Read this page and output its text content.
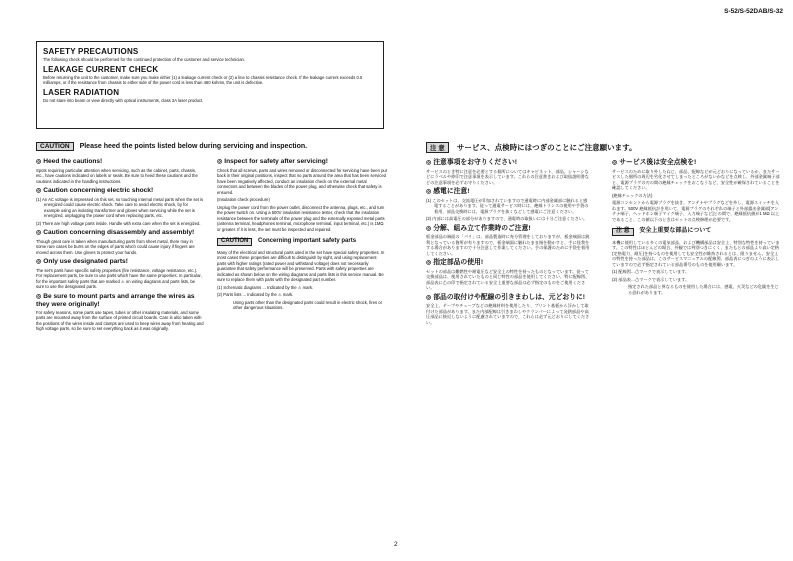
S-52/S-52DAB/S-32
SAFETY PRECAUTIONS

The following check should be performed for the continued protection of the customer and service technician.

LEAKAGE CURRENT CHECK

Before returning the unit to the customer, make sure you make either (1) a leakage current check or (2) a line to chassis resistance check. If the leakage current exceeds 0.5 milliamps, or if the resistance from chassis to either side of the power cord is less than 460 kohms, the unit is defective.

LASER RADIATION

Do not stare into beam or view directly with optical instruments, class 3A laser product.

CAUTION Please heed the points listed below during servicing and inspection.
◎ Heed the cautions!

Spots requiring particular attention when servicing, such as the cabinet, parts, chassis, etc., have cautions indicated on labels or seals. Be sure to heed these cautions and the cautions indicated in the handling instructions.

◎ Caution concerning electric shock!

(1) An AC voltage is impressed on this set, so touching internal metal parts when the set is energized could cause electric shock. Take care to avoid electric shock, by for example using an isolating transformer and gloves when servicing while the set is energized, unplugging the power cord when replacing parts, etc.

(2) There are high voltage parts inside. Handle with extra care when the set is energized.

◎ Caution concerning disassembly and assembly!

Though great care is taken when manufacturing parts from sheet metal, there may in some rare cases be burrs on the edges of parts which could cause injury if fingers are moved across them. Use gloves to protect your hands.

◎ Only use designated parts!

The set's parts have specific safety properties (fire resistance, voltage resistance, etc.). For replacement parts, be sure to use parts which have the same properties. In particular, for the important safety parts that are marked ⚠ on wiring diagrams and parts lists, be sure to use the designated parts.

◎ Be sure to mount parts and arrange the wires as they were originally!

For safety reasons, some parts use tapes, tubes or other insulating materials, and some parts are mounted away from the surface of printed circuit boards. Care is also taken with the positions of the wires inside and clamps are used to keep wires away from heating and high voltage parts, so be sure to set everything back as it was originally.

◎ Inspect for safety after servicing!

Check that all screws, parts and wires removed or disconnected for servicing have been put back in their original positions, inspect that no parts around the area that has been serviced have been negatively affected, conduct an insulation check on the external metal connectors and between the blades of the power plug, and otherwise check that safety is ensured.

(Insulation check procedure)

Unplug the power cord from the power outlet, disconnect the antenna, plugs, etc., and turn the power switch on. Using a 500V insulation resistance tester, check that the insulation resistance between the terminals of the power plug and the externally exposed metal parts (antenna terminal, headphones terminal, microphone terminal, input terminal, etc.) is 1MΩ or greater. If it is less, the set must be inspected and repaired.

CAUTION Concerning important safety parts

Many of the electrical and structural parts used in the set have special safety properties. In most cases these properties are difficult to distinguish by sight, and using replacement parts with higher ratings (rated power and withstand voltage) does not necessarily guarantee that safety performance will be preserved. Parts with safety properties are indicated as shown below on the wiring diagrams and parts lists is this service manual. Be sure to replace them with parts with the designated part number.

(1) Schematic diagrams ... Indicated by the ⚠ mark.

(2) Parts lists ... Indicated by the ⚠ mark.

Using parts other than the designated parts could result in electric shock, fires or other dangerous situations.

注 意 サービス、点検時にはつぎのことにご注意願います。
◎ 注意事項をお守りください!

サービスのとき特に注意を必要とする個所についてはキャビネット、部品、シャーシなどにラベルや捺印で注意事項を表示しています。これらの注意書きおよび取扱説明書などの注意事項を必ずお守りください。

◎ 感電に注意!

(1) このセットは、交流電圧が印加されていますので通電時に内部金属部に触れると感電することがあります。従って通電サービス時には、絶縁トランスの使用や手袋の着用、部品交換時には、電源プラグを抜くなどして感電にご注意ください。

(2) 内部には高電圧の部分がありますので、通電時の取扱いには十分ご注意ください。

◎ 分解、組み立て作業時のご注意!

板金部品の端面の「バリ」は、部品製造時に充分管理をしておりますが、板金端面は鋭利となっている箇所が有りますので、板金端面に触れたまま指を動かすと、手に怪我をする場合がありますので十分注意して作業してください。手の保護のために手袋を着用してください。

◎ 指定部品の使用!

セットの部品は難燃性や耐電圧など安全上の特性を持ったものとなっています。従って交換部品は、使用されていたものと同じ特性の部品を使用してください。特に配線図、部品表に⚠の印で指定されている安全上重要な部品は必ず指定のものをご使用ください。

◎ 部品の取付けや配線の引きまわしは、元どおりに!

安全上、テープやチューブなどの絶縁材料を使用したり、プリント基板から浮かして取付けた部品があります。また内部配線は引きまわしやクランパーによって発熱部品や高圧部品に接近しないように配慮されていますので、これらは必ず元どおりにしてください。

◎ サービス後は安全点検を!

サービスのために取り外したねじ、部品、配線などが元どおりになっているか、またサービスした個所の周辺を劣化させてしまったところがないかなどを点検し、外部金属端子部と、電源プラグの刃の間の絶縁チェックをおこなうなど、安全性が確保されていることを確認してください。

(絶縁チェックの方法)

電源コンセントから電源プラグを抜き、アンテナやプラグなどを外し、電源スイッチを入れます。500V 絶縁抵抗計を用いて、電源プラグのそれぞれの端子と外部露出金属部[アンテナ端子、ヘッドホン端子マイク端子、入力端子など]との間で、絶縁抵抗値が1 MΩ 以上であること、この値以下のときはセットの点検修理が必要です。

注 意 安全上重要な部品について

本機に使用している多くの電気部品、および機構部品は安全上、特別な特性を持っています。この特性はほとんどの場合、外観では判別つきにくく、またもとの部品より高い定格(定格電力、耐圧)を持つものを使用しても安全性が維持されるとは、限りません。安全上の特性を持った部品は、このサービスマニュアルの配線図、部品表につぎのように表示していますので必ず指定されている部品番号のものを使用願います。

(1) 配線図…⚠マークで表示しています。

(2) 部品表…⚠マークで表示しています。

指定された部品と異なるものを使用した場合には、感電、火災などの危険を生じる恐れがあります。

2
